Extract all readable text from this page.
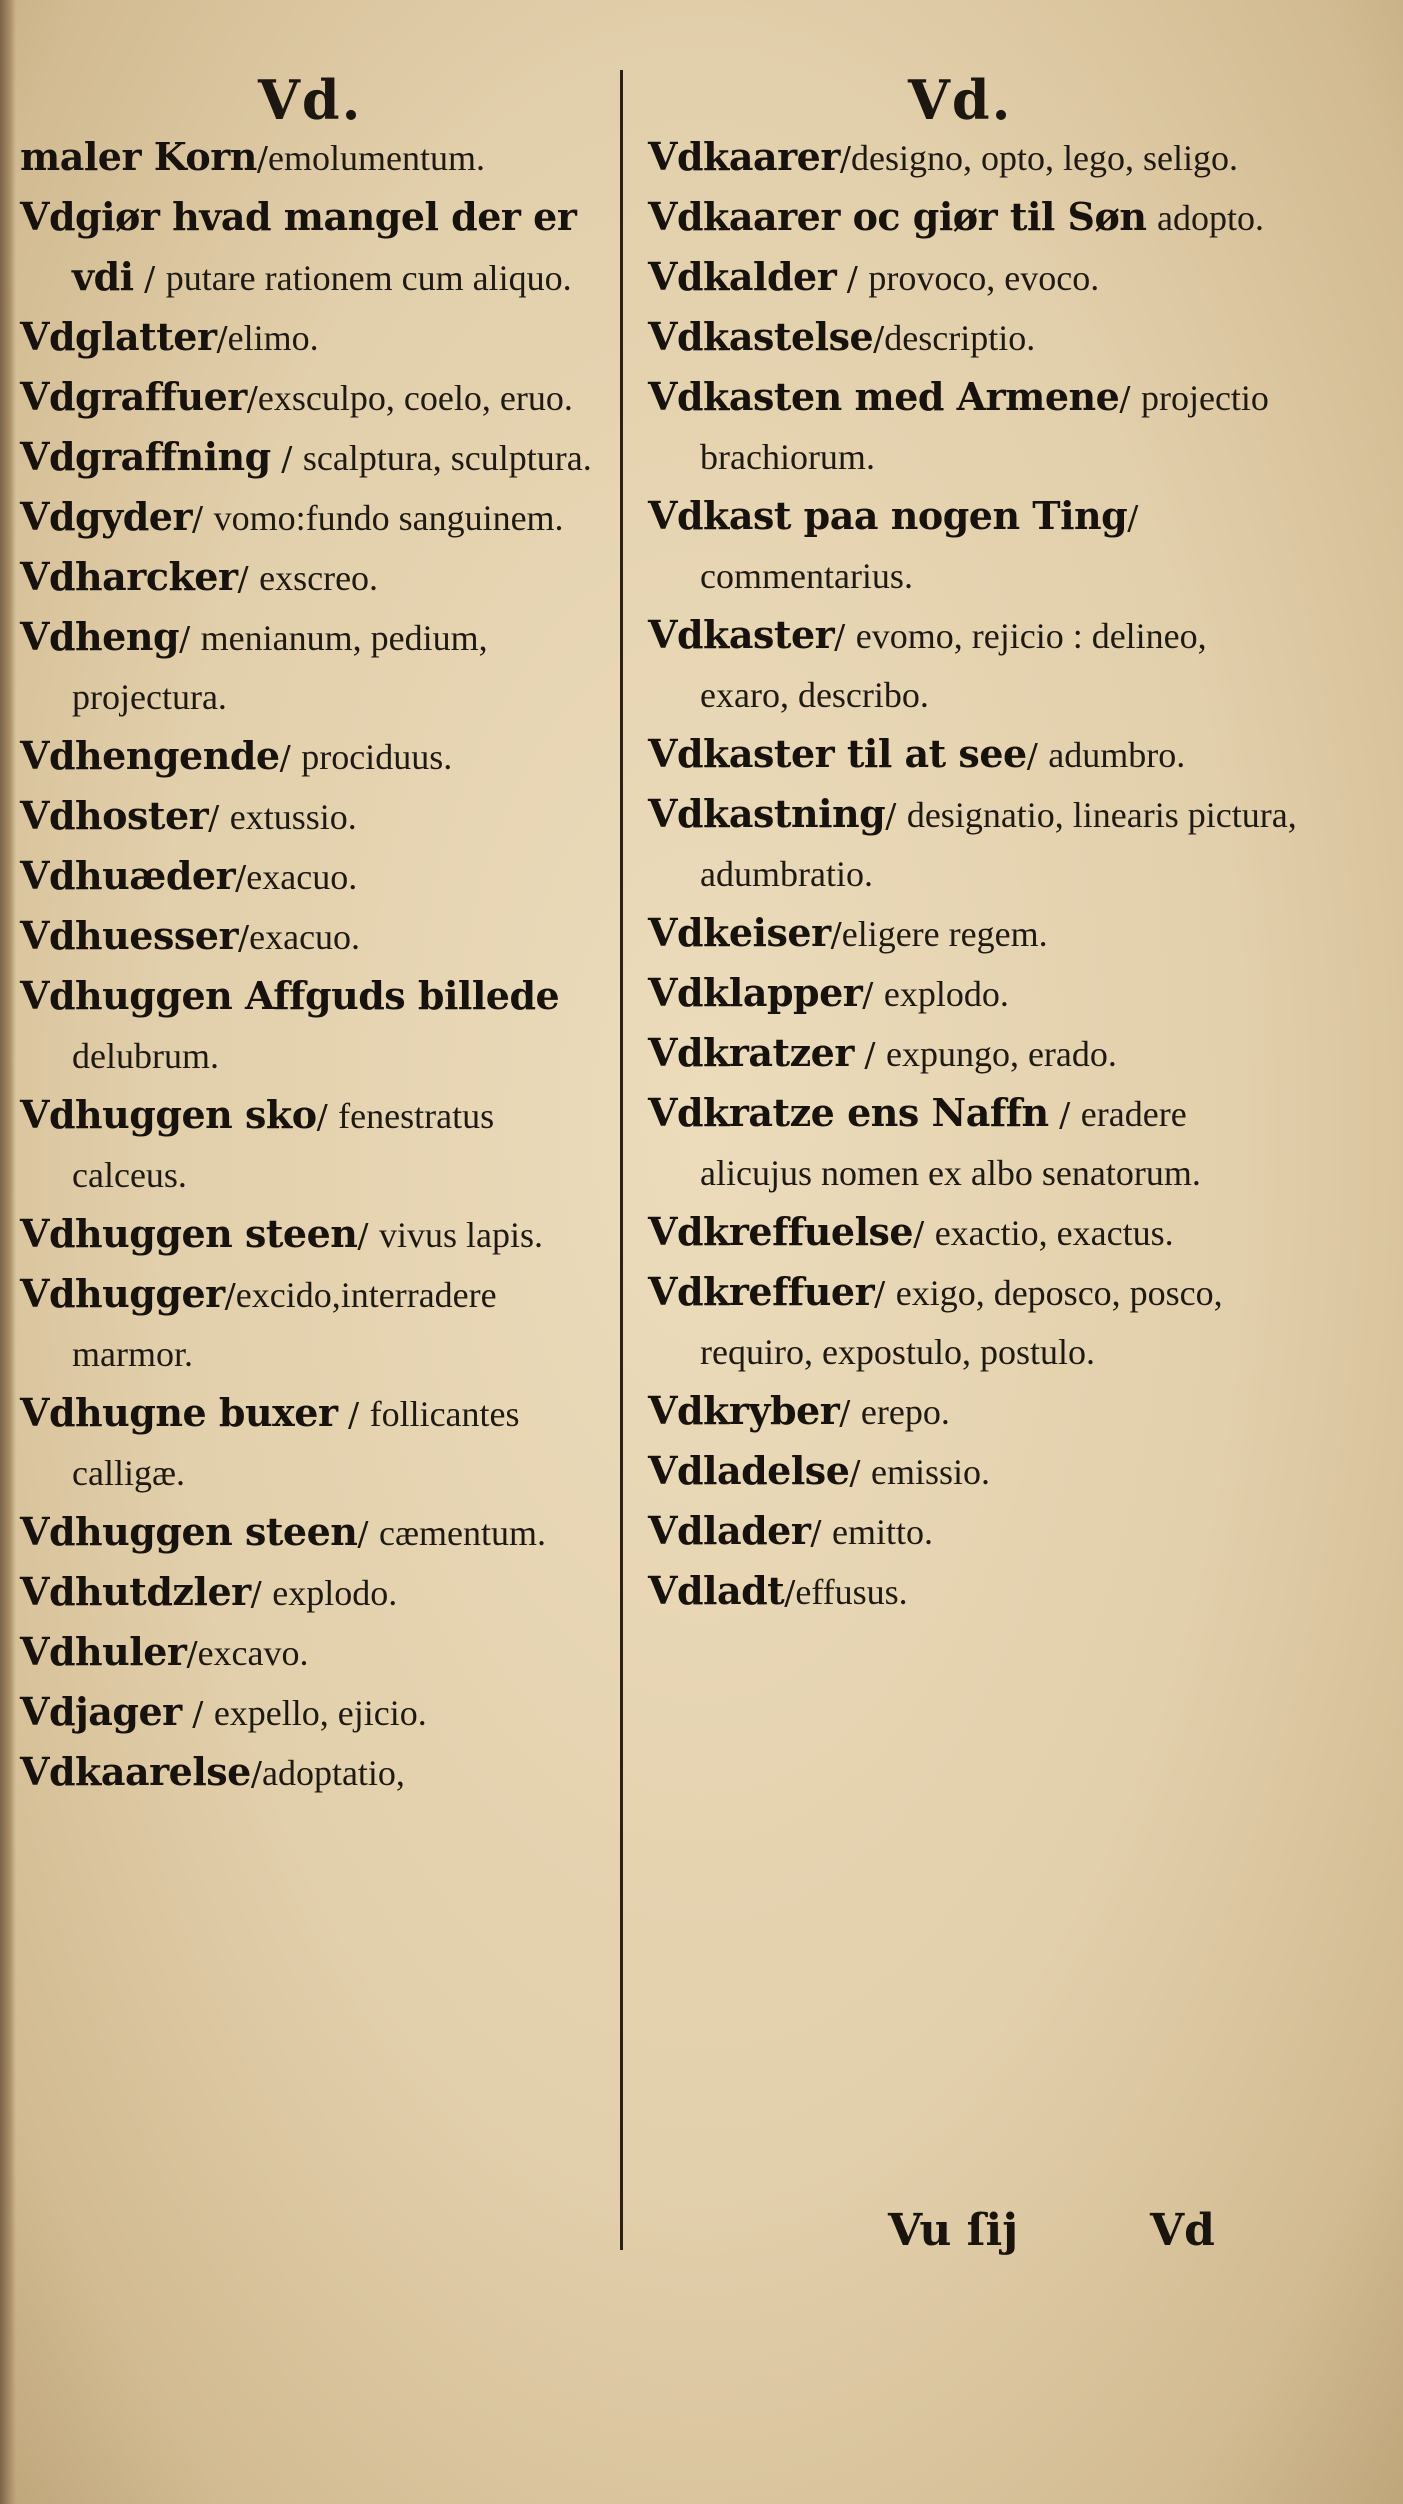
Vd.	Vd.

maler Korn/emolumentum.

Vdgiør hvad mangel der er vdi / putare rationem cum aliquo.

Vdglatter/elimo.

Vdgraffuer/exsculpo, coelo, eruo.

Vdgraffning / scalptura, sculptura.

Vdgyder/ vomo:fundo sanguinem.

Vdharcker/ exscreo.

Vdheng/ menianum, pedium, projectura.

Vdhengende/ prociduus.

Vdhoster/ extussio.

Vdhuæder/exacuo.

Vdhuesser/exacuo.

Vdhuggen Affguds billede delubrum.

Vdhuggen sko/ fenestratus calceus.

Vdhuggen steen/ vivus lapis.

Vdhugger/excido,interradere marmor.

Vdhugne buxer / follicantes calligæ.

Vdhuggen steen/ cæmentum.

Vdhutdzler/ explodo.

Vdhuler/excavo.

Vdjager / expello, ejicio.

Vdkaarelse/adoptatio,

Vdkaarer/designo, opto, lego, seligo.

Vdkaarer oc giør til Søn adopto.

Vdkalder / provoco, evoco.

Vdkastelse/descriptio.

Vdkasten med Armene/ projectio brachiorum.

Vdkast paa nogen Ting/ commentarius.

Vdkaster/ evomo, rejicio : delineo, exaro, describo.

Vdkaster til at see/ adumbro.

Vdkastning/ designatio, linearis pictura, adumbratio.

Vdkeiser/eligere regem.

Vdklapper/ explodo.

Vdkratzer / expungo, erado.

Vdkratze ens Naffn / eradere alicujus nomen ex albo senatorum.

Vdkreffuelse/ exactio, exactus.

Vdkreffuer/ exigo, deposco, posco, requiro, expostulo, postulo.

Vdkryber/ erepo.

Vdladelse/ emissio.

Vdlader/ emitto.

Vdladt/effusus.

Vu ſij	Vd
